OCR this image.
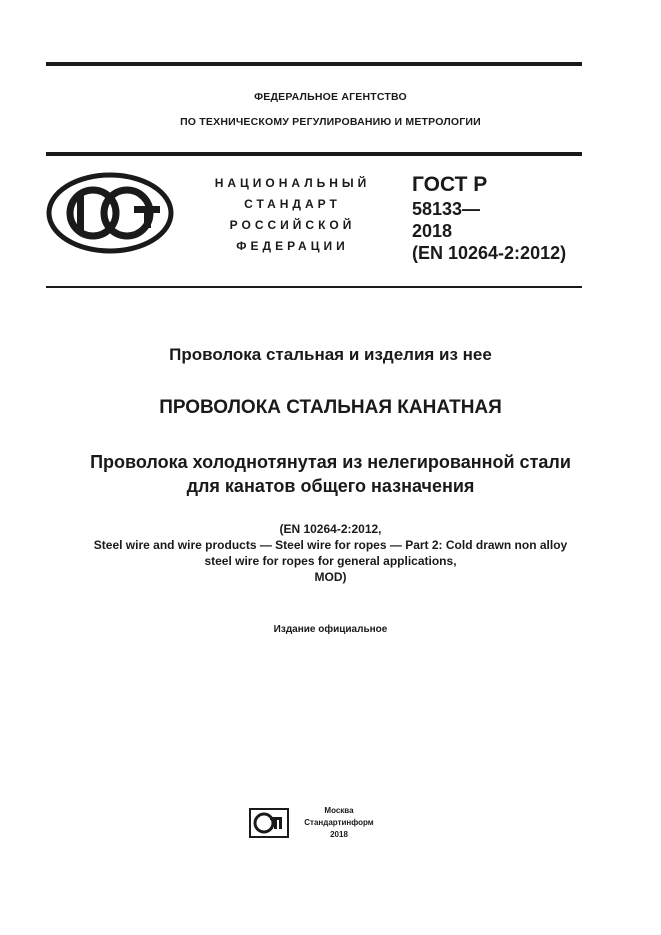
ФЕДЕРАЛЬНОЕ АГЕНТСТВО
ПО ТЕХНИЧЕСКОМУ РЕГУЛИРОВАНИЮ И МЕТРОЛОГИИ
НАЦИОНАЛЬНЫЙ
СТАНДАРТ
РОССИЙСКОЙ
ФЕДЕРАЦИИ
ГОСТ Р
58133—
2018
(EN 10264-2:2012)
Проволока стальная и изделия из нее
ПРОВОЛОКА СТАЛЬНАЯ КАНАТНАЯ
Проволока холоднотянутая из нелегированной стали
для канатов общего назначения
(EN 10264-2:2012,
Steel wire and wire products — Steel wire for ropes — Part 2: Cold drawn non alloy
steel wire for ropes for general applications,
MOD)
Издание официальное
Москва
Стандартинформ
2018
